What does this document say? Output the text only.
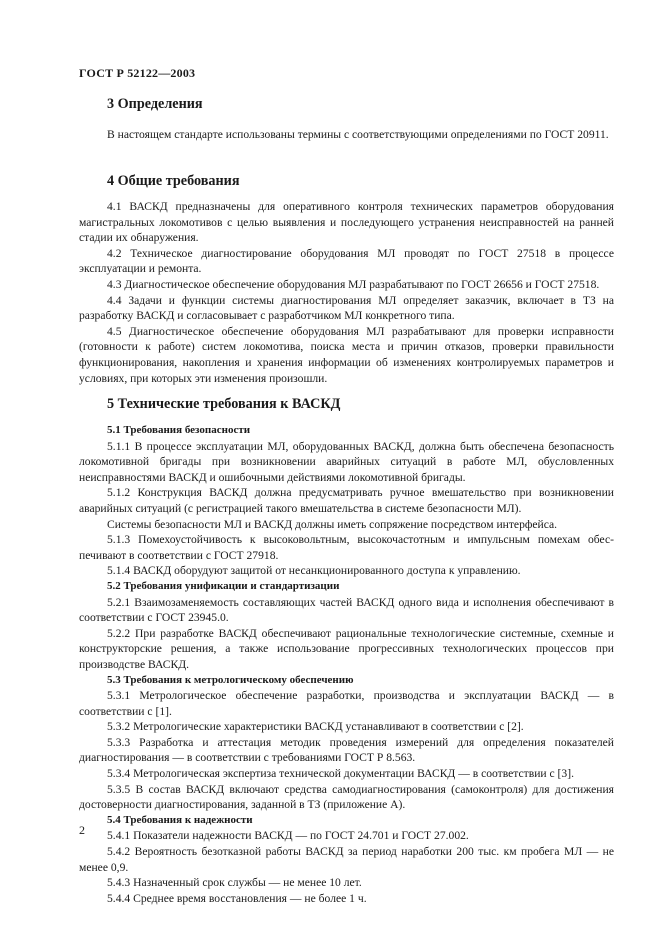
ГОСТ Р 52122—2003
3 Определения

В настоящем стандарте использованы термины с соответствующими определениями по ГОСТ 20911.

4 Общие требования

4.1 ВАСКД предназначены для оперативного контроля технических параметров оборудования магистральных локомотивов с целью выявления и последующего устранения неисправностей на ранней стадии их обнаружения.

4.2 Техническое диагностирование оборудования МЛ проводят по ГОСТ 27518 в процессе эксплуатации и ремонта.

4.3 Диагностическое обеспечение оборудования МЛ разрабатывают по ГОСТ 26656 и ГОСТ 27518.

4.4 Задачи и функции системы диагностирования МЛ определяет заказчик, включает в ТЗ на разработку ВАСКД и согласовывает с разработчиком МЛ конкретного типа.

4.5 Диагностическое обеспечение оборудования МЛ разрабатывают для проверки исправности (готовности к работе) систем локомотива, поиска места и причин отказов, проверки правильности функционирования, накопления и хранения информации об изменениях контролируемых параметров и условиях, при которых эти изменения произошли.

5 Технические требования к ВАСКД

5.1 Требования безопасности

5.1.1 В процессе эксплуатации МЛ, оборудованных ВАСКД, должна быть обеспечена безопасность локомотивной бригады при возникновении аварийных ситуаций в работе МЛ, обусловленных неисправностями ВАСКД и ошибочными действиями локомотивной бригады.

5.1.2 Конструкция ВАСКД должна предусматривать ручное вмешательство при возникновении аварийных ситуаций (с регистрацией такого вмешательства в системе безопасности МЛ).

Системы безопасности МЛ и ВАСКД должны иметь сопряжение посредством интерфейса.

5.1.3 Помехоустойчивость к высоковольтным, высокочастотным и импульсным помехам обеспечивают в соответствии с ГОСТ 27918.

5.1.4 ВАСКД оборудуют защитой от несанкционированного доступа к управлению.

5.2 Требования унификации и стандартизации

5.2.1 Взаимозаменяемость составляющих частей ВАСКД одного вида и исполнения обеспечивают в соответствии с ГОСТ 23945.0.

5.2.2 При разработке ВАСКД обеспечивают рациональные технологические системные, схемные и конструкторские решения, а также использование прогрессивных технологических процессов при производстве ВАСКД.

5.3 Требования к метрологическому обеспечению

5.3.1 Метрологическое обеспечение разработки, производства и эксплуатации ВАСКД — в соответствии с [1].

5.3.2 Метрологические характеристики ВАСКД устанавливают в соответствии с [2].

5.3.3 Разработка и аттестация методик проведения измерений для определения показателей диагностирования — в соответствии с требованиями ГОСТ Р 8.563.

5.3.4 Метрологическая экспертиза технической документации ВАСКД — в соответствии с [3].

5.3.5 В состав ВАСКД включают средства самодиагностирования (самоконтроля) для достижения достоверности диагностирования, заданной в ТЗ (приложение А).

5.4 Требования к надежности

5.4.1 Показатели надежности ВАСКД — по ГОСТ 24.701 и ГОСТ 27.002.

5.4.2 Вероятность безотказной работы ВАСКД за период наработки 200 тыс. км пробега МЛ — не менее 0,9.

5.4.3 Назначенный срок службы — не менее 10 лет.

5.4.4 Среднее время восстановления — не более 1 ч.

2
